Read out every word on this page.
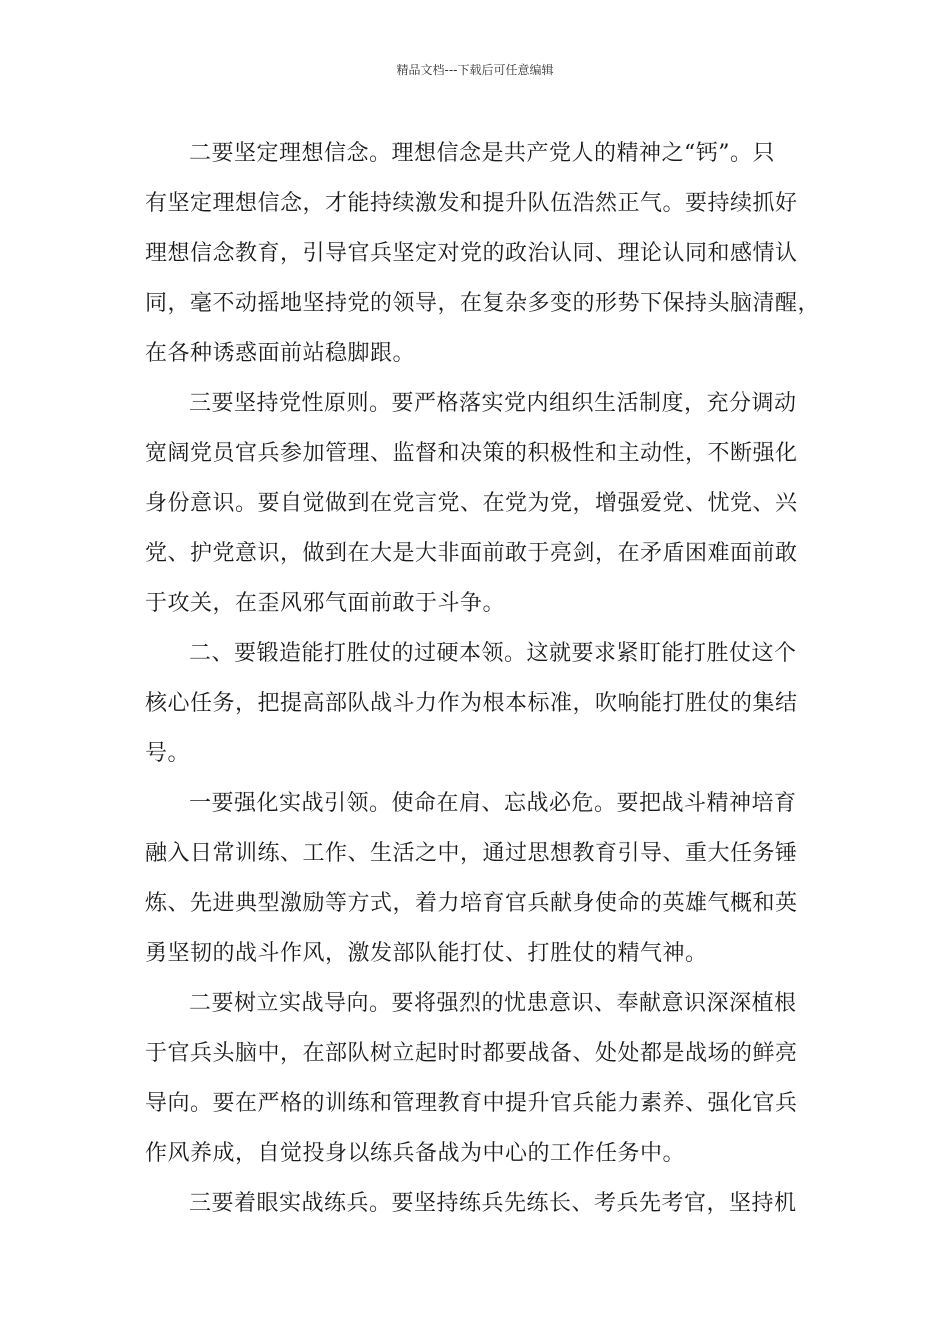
精品文档---下载后可任意编辑

二要坚定理想信念。理想信念是共产党人的精神之“钙”。只
有坚定理想信念，才能持续激发和提升队伍浩然正气。要持续抓好
理想信念教育，引导官兵坚定对党的政治认同、理论认同和感情认
同，毫不动摇地坚持党的领导，在复杂多变的形势下保持头脑清醒，
在各种诱惑面前站稳脚跟。

三要坚持党性原则。要严格落实党内组织生活制度，充分调动
宽阔党员官兵参加管理、监督和决策的积极性和主动性，不断强化
身份意识。要自觉做到在党言党、在党为党，增强爱党、忧党、兴
党、护党意识，做到在大是大非面前敢于亮剑，在矛盾困难面前敢
于攻关，在歪风邪气面前敢于斗争。

二、要锻造能打胜仗的过硬本领。这就要求紧盯能打胜仗这个
核心任务，把提高部队战斗力作为根本标准，吹响能打胜仗的集结
号。

一要强化实战引领。使命在肩、忘战必危。要把战斗精神培育
融入日常训练、工作、生活之中，通过思想教育引导、重大任务锤
炼、先进典型激励等方式，着力培育官兵献身使命的英雄气概和英
勇坚韧的战斗作风，激发部队能打仗、打胜仗的精气神。

二要树立实战导向。要将强烈的忧患意识、奉献意识深深植根
于官兵头脑中，在部队树立起时时都要战备、处处都是战场的鲜亮
导向。要在严格的训练和管理教育中提升官兵能力素养、强化官兵
作风养成，自觉投身以练兵备战为中心的工作任务中。

三要着眼实战练兵。要坚持练兵先练长、考兵先考官，坚持机
